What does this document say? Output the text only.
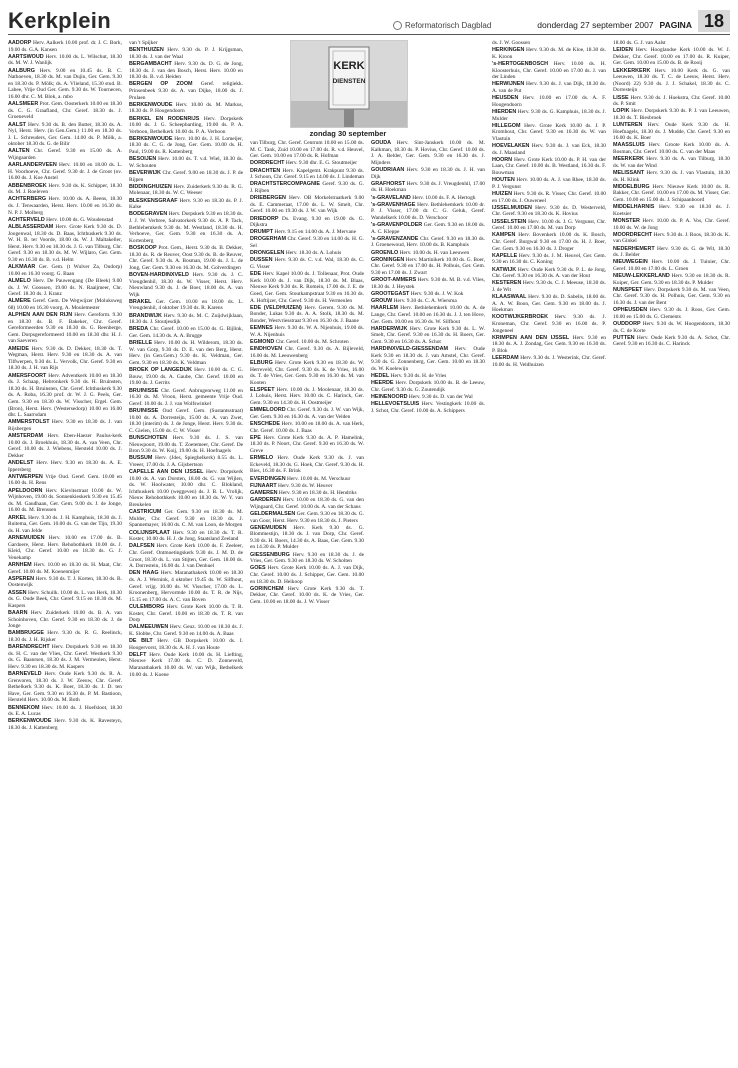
Kerkplein	Reformatorisch Dagblad	donderdag 27 september 2007 PAGINA 18

AADORP Herv. Aalkerk 10.00 prof. dr. J. C. Bork, 19.00 ds. G.A. Kansen

AARTSWOUD Herv. 10.00 ds. L. Wilschut, 18.30 ds. M. W. J. Wanlijk

AALBURG Herv. 9.00 en 10.45 ds. B. C. Nathoeven, 18.30 ds. M. van Dujin, Ger. Gem. 9.30 en 18.30 ds. P. Mölk; ds. A. Vlieland, 15.30 stud. B. Labee, Vrije Oud Ger. Gem. 9.30 ds. W. Tournecen, 16.00 dhr. C. M. Blok, a. mbo

AALSMEER Prot. Gem. Oosterkerk 10.00 en 18.30 ds. C. G. Graafland, Chr. Geref. 18.30 ds. J. Groeneveld

AALST Herv. 9.30 ds. B. den Butter, 18.30 ds. A. Nyl, Herst. Herv. (in Gen.Gem.) 11.00 en 18.30 ds. J. L. Schreuders, Ger. Gem. 14.00 ds. P. Mölk, a. oktober 18.30 ds. G. de Bilir

AALTEN Chr. Geref. 9.30 en 15.00 ds. A. Wijngaarden

AARLANDERVEEN Herv. 10.00 en 18.00 ds. L. H. Voorhoeve, Chr. Geref. 9.30 dr. J. de Groot (ov. 16.00 ds. J. Koe Anstel

ABBENBROEK Herv. 9.30 ds. K. Schipper, 18.30 ds. M. J. Roeleven

ACHTERBERG Herv. 10.00 ds. A. Beens, 18.30 ds. J. Tenwaarden, Herst. Herv. 10.00 en 16.30 ds. N. P. J. Molberg

ACHTERVELD Herv. 10.00 ds. G. Woudenstad

ALBLASSERDAM Herv. Grote Kerk 9.30 ds. D. Joogenwal, 18.30 ds. D. Baas, Ichthuskerk 9.30 ds. W. H. B. ter Voorde, 18.00 ds. W. J. Maltakeller, Herst. Herv. 9.30 en 18.30 ds. J. G. van Tilburg, Chr. Geref. 9.30 en 18.30 ds. M. W. Wijlaro, Ger. Gem. 9.30 en 16.30 ds. B. v.d. Helm

ALKMAAR Ger. Gem. (t Wulver Za, Oudorp) 10.00 en 16.30 voorg. G. Baan

ALMELO Herv. De Pauwengang (De Bleek) 9.00 ds. J. W. Goossen, 19.00 ds. N. Raaijmeer, Chr. Geref. 18.30 ds. J. Kranz

ALMERE Geref. Gem. De Wegwijzer (Moluksweg 68) 10.00 en 16.30 voorg. A. Moulemester

ALPHEN AAN DEN RIJN Herv. Gereform. 9.30 en 18.30 ds. B. F. Bakeker, Chr. Geref. Gereformeerden 9.30 en 18.30 ds. G. Reenberge, Gem. Dorpsgereformeerd 10.00 en 18.30 dhr. H. J. van Saeveren

AMEIDE Herv. 9.30 ds. D. Dekker, 18.30 ds. T. Wegman, Herst. Herv. 9.30 en 18.30 ds. A. van Tilfwerpen, 9.30 ds. L. Vervolk, Chr. Geref. 9.30 en 18.30 ds. J. H. van Rijs

AMERSFOORT Herv. Adventkerk 10.00 en 18.30 ds. J. Schaap, Hebronkerk 9.30 ds. H. Bruinsten, 18.30 ds. H. Bruinsten, Chr. Geref. Ichthuskerk 9.30 ds. A. Roba, 16.30 prof. dr. W. J. G. Peels, Ger. Gem. 9.30 en 18.30 ds. W. Visscher, Ergel. Gem. (Bron), Herst. Herv. (Westersedorp) 10.00 en 16.00 dhr. L. Saarrsdam

AMMERSTOLST Herv. 9.30 en 18.30 ds. J. van Rijsbergen

AMSTERDAM Herv. Eben-Haezer Paulus-kerk 10.00 ds. J. Broekhuis, 18.30 ds. A. van Veen, Chr. Geref. 10.00 ds. J. Wiebens, Hersteld 10.00 ds. J. Dekker

ANDELST Herv. Herv. 9.30 en 18.30 ds. A. E. Ippersberg

ANTWERPEN Vrije Oud. Geref. Gem. 10.00 en 16.00 ds. H. Rens

APELDOORN Herv. Kievitsstraat 10.00 ds. W. Wijnhoven, 19.00 ds. Sonnenkieskerk 9.30 en 15.45 ds. M. Gaudhaan, Ger. Gem. 9.00 ds. J. de Jonge, 16.00 ds. M. Brenssen

ARKEL Herv. 9.30 ds. J. H. Kamphuis, 18.30 ds. J. Ruitema, Ger. Gem. 10.00 ds. G. van der Tijn, 19.30 ds. H. van Jelde

ARNEMUIDEN Herv. 10.00 en 17.00 ds. B. Gardoere, Herst. Herv. Rehobothkerk 10.00 ds. J. Kleid, Chr. Geref. 10.00 en 18.30 ds. G. J. Venekamp

ARNHEM Herv. 10.00 en 18.30 ds. H. Maat, Chr. Geref. 10.00 ds. M. Koenenmijer

ASPEREN Herv. 9.30 ds. T. J. Korten, 18.30 ds. B. Oostenwijk

ASSEN Herv. Schuilk. 10.00 ds. L. van Herk, 18.30 ds. G. Oude Beek, Chr. Geref. 9.15 en 18.30 ds. M. Kaspers

BAARN Herv. Zuiderkerk 10.00 ds. B. A. van Schoinhoven, Chr. Geref. 9.30 en 18.30 ds. J. de Jonge

BAMBRUGGE Herv. 9.30 ds. R. G. Reelinck, 18.30 ds. J. H. Rijsker

BARENDRECHT Herv. Dorpskerk 9.30 en 18.30 ds. H. C. van der Vlies, Chr. Geref. Westkerk 9.30 ds. G. Baanrsen, 18.30 ds. J. M. Vermeulen, Herst. Herv. 9.30 en 18.30 ds. M. Kaspers

BARNEVELD Herv. Oude Kerk 9.30 ds. R. A. Grenvoren, 18.30 ds. J. W. Zeeuw, Chr. Geref. Bethelkerk 9.30 ds. K. Boer, 18.30 ds. J. D. ten Have, Ger. Gem. 9.30 en 16.30 ds. P. M. Bastioon, Hersteld Herv. 10.00 ds. M. Both

BENNEKOM Herv. 10.00 ds. J. Hoefsloot, 18.30 ds. E. A. Lucas

BERKENWOUDE Herv. 9.30 ds. K. Ravesteyn, 18.30 ds. J. Kattenberg

van 't Spijker

BENTHUIZEN Herv. 9.30 ds. P. J. Krijgsman, 18.30 ds. J. van der Waal

BERGAMBACHT Herv. 9.30 ds. D. G. de Jong, 18.30 ds. J. van den Bosch, Herst. Herv. 10.00 en 18.30 ds. B. v.d. Heiden

BERGEN OP ZOOM Geref. religiekk. Prinsenbeek 9.30 ds. A. van Dijke, 18.00 ds. J. Prulaen

BERKENWOUDE Herv. 10.00 ds. M. Markus, 18.30 ds. P. Hoogendoorn

BERKEL EN RODENRIJS Herv. Dorpskerk 10.00 ds. J. G. Scheepbarding, 19.00 ds. P. A. Verboon, Bethelkerk 10.00 ds. P. A. Verboon

BERKENWOUDE Herv. 10.00 ds. J. H. Lomeijer, 18.30 ds. C. G. de Jong, Ger. Gem. 10.00 ds. H. Paul, 19.00 ds. R. Kattenberg

BESOIJEN Herv. 10.00 ds. T. v.d. Wiel, 18.30 ds. W. Schouten

BEVERWIJK Chr. Geref. 9.00 en 18.30 ds. J. P. de Rijpen

BIDDINGHUIZEN Herv. Zuiderkerk 9.30 ds. R. G. Molenaar, 18.30 ds. W. C. Weeser

BLESKENSGRAAF Herv. 9.30 en 18.30 ds. P. J. Kalse

BODEGRAVEN Herv. Dorpskerk 9.30 en 18.30 ds. J. J. W. Verbree, Salvatorkerk 9.30 ds. A. P. Tack, Bethlehemkerk 9.30 ds. M. Westland, 18.30 ds. H. Verhoeve, Ger. Gem. 9.30 en 16.30 ds. A. Kortenberg

BOSKOOP Prot. Gem., Herst. 9.30 ds. B. Dekker, 18.30 ds. R. de Reuver, Oost 9.30 ds. B. de Reuver, Chr. Geref. 9.30 ds. A. Bosman, 19.00 ds. J. L. de Jong, Ger. Gem. 9.30 en 16.30 ds. M. Golverdingen

BOVEN-HARDINXVELD Herv. 9.30 ds. J. C. Vreugdenhil, 18.30 ds. W. Visser, Herst. Herv. Nieuwland 9.30 ds. J. de Boer, 18.00 ds. A. van Wijk

BRAKEL Ger. Gem. 10.00 en 18.00 ds. L. Vreugdenhil, 4 oktober 19.30 ds. R. Karens

BRANDWIJK Herv. 9.30 ds. M. C. Zuijdwijklaan, 18.30 ds. J. Stoutjesdijk

BREDA Chr. Geref. 10.00 en 15.00 ds. G. Bijlink, Ger. Gem. 14.30 ds. A. A. Brugge

BRIELLE Herv. 10.00 ds. H. Wilderom, 18.30 ds. W. van Gorp, 9.30 ds. D. E. van den Berg, Herst. Herv. (in Gen.Gem.) 9.30 ds. K. Veldman, Ger. Gem. 9.30 en 18.30 ds. K. Veldman

BROEK OP LANGEDIJK Herv. 10.00 ds. C. G. Bouw, 19.00 ds. A. Gaube, Chr. Geref. 10.00 en 19.00 ds. J. Gerrits

BRUINISSE Chr. Geref. Anbrugenrweg 11.00 en 16.30 ds. M. Vroon, Herst. gemeente Vrije Oud. Geref. 10.00 ds. J. J. van Wolfswinkel

BRUINISSE Oud Geref. Gem. (Sustantsstraat) 10.00 ds. A. Dorresteijn, 15.00 ds. A. van Zwet, 18.30 (interim) ds. J. de Jonge, Herst. Herv. 9.30 ds. C. Gielen, 15.00 ds. C. W. Visser

BUNSCHOTEN Herv. 9.30 ds. J. S. van Nieuwpoort, 19.00 ds. T. Zoetemeer, Chr. Geref. De Bron 9.30 ds. W. Koij, 19.00 ds. H. Hoefnagels

BUSSUM Herv. (Jdes, Spieghelkerk) 8.55 ds. L. Vreeer, 17.00 ds. J. A. Gijsbertson

CAPELLE AAN DEN IJSSEL Herv. Dorpskerk 10.00 ds. A. van Dorsten, 18.00 ds. G. van Wijlen, ds. W. Hoolwater, 10.00 dhr. C. Blokland, Ichthuskerk 10.00 (weggeven) ds. J. B. L. Vrolijk, Nieuw Rehobothkerk 10.00 en 18.30 ds. W. Y. van Breukelen

CASTRICUM Ger. Gem. 9.30 en 18.30 ds. M. Mulder, Chr. Geref. 9.30 en 18.30 ds. J. Spannemayer, 16.00 ds. C. M. van Loon, de Morgen

COLIJNSPLAAT Herv. 9.30 en 18.30 ds. T. R. Koster, 10.00 ds. H. J. de Jong, Staatsland Zeeland

DALFSEN Herv. Grote Kerk 10.00 ds. F. Zeeleer, Chr. Geref. Ontmoetingskerk 9.30 ds. J. M. D. de Groot, 18.30 ds. L. van Stijten, Ger. Gem. 18.00 ds. A. Dorrestein, 16.00 ds. J. van Denhuel

DEN HAAG Herv. Maranathakerk 10.00 en 18.30 ds. A. J. Wernink, 4 oktober 19.45 ds. W. Silfhout, Geref. vrijg. 10.00 ds. W. Visscher, 17.00 ds. L. Kroonenberg, Hervormde 10.00 ds. T. R. de Nijs, 15.15 en 17.00 ds. A. C. van Boven

CULEMBORG Herv. Grote Kerk 10.00 ds. T. R. Koster, Chr. Geref. 10.00 en 18.30 ds. T. R. van Dorp

DALMEEUWEN Herv. Geuz. 10.00 en 18.30 ds. J. K. Slobbe, Chr. Geref. 9.30 en 14.00 ds. A. Baas

DE BILT Herv. GB Dorpskerk 10.00 ds. I. Hoogervorst, 18.30 ds. A. H. J. van Houte

DELFT Herv. Oude Kerk 10.00 ds. H. Liefting, Nieuwe Kerk 17.00 ds. C. D. Zonneveld, Maranathakerk 10.00 ds. W. van Wijk, Bethelkerk 10.00 ds. J. Koene

van Tilburg, Chr. Geref. Centrum 10.00 en 15.00 ds. M. C. Tank, Zuid 10.00 en 17.00 ds. R. v.d. Heuvel, Ger. Gem. 10.00 en 17.00 ds. R. Hofman

DORDRECHT Herv. 9.30 dhr. E. G. Stoutmeijer

DRACHTEN Herv. Kapelgemt. Krakpunt 9.30 ds. J. Schoon, Chr. Geref. 9.15 en 14.00 ds. J. Lindeman

DRACHTSTERCOMPAGNIE Geref. 9.30 ds. G. J. Rijben

DRIEBERGEN Herv. OB Morkelstraatkerk 9.00 ds. E. Cammeraat, 17.00 ds. L. W. Smelt, Chr. Geref. 10.00 en 19.30 ds. J. W. van Wijk

DRIEDORP Ds. Evang. 9.30 en 19.00 ds. G. Dijkstra

DRUMPT Herv. 9.15 en 14.00 ds. A. J. Mervane

DROGERHAM Chr. Geref. 9.30 en 14.00 ds. H. G. Sel

DRONGELEN Herv. 18.30 ds. A. Lohuis

DUSSEN Herv. 9.30 ds. C. v.d. Wal, 18.30 ds. C. G. Visser

EDE Herv. Kapel 10.00 ds. J. Tollenaar, Prot. Oude Kerk 10.00 ds. J. van Dijk, 18.30 ds. M. Blaas, Nieuwe Kerk 9.30 ds. R. Romein, 17.00 ds. J. E. de Goed, Ger. Gem. Stoutkampstraat 9.30 en 16.30 ds. A. Hoftijzer, Chr. Geref. 9.30 ds. H. Vermeulen

EDE (VELDHUIZEN) Herv. Gerem. 9.30 ds. M. Bonder, Lukas 9.30 ds. A. A. Stolk, 18.30 ds. M. Bonder, Westvriesstraat 9.30 en 16.30 ds. J. Baane

EEMNES Herv. 9.30 ds. W. A. Nijenhuis, 19.00 ds. W. A. Nijenhuis

EGMOND Chr. Geref. 10.00 ds. M. Schroten

EINDHOVEN Chr. Geref. 9.30 ds. A. Bijleveld, 16.00 ds. M. Leeuwenberg

ELBURG Herv. Grote Kerk 9.30 en 18.30 ds. W. Herreveld, Chr. Geref. 9.30 ds. K. de Vries, 16.00 ds. T. de Vries, Ger. Gem. 9.30 en 16.30 ds. M. van Kooten

ELSPEET Herv. 10.00 ds. J. Moolenaar, 18.30 ds. J. Lohuis, Herst. Herv. 10.00 ds. C. Harinck, Ger. Gem. 9.30 en 14.30 ds. H. Oostmeijer

EMMELOORD Chr. Geref. 9.30 ds. J. W. van Wijk, Ger. Gem. 9.30 en 16.30 ds. A. van der Velden

ENSCHEDE Herv. 10.00 en 18.00 ds. A. van Herk, Chr. Geref. 10.00 ds. J. Baas

EPE Herv. Grote Kerk 9.30 ds. A. P. Hamelink, 18.30 ds. P. Noort, Chr. Geref. 9.30 en 16.30 ds. W. Greve

ERMELO Herv. Oude Kerk 9.30 ds. J. van Eckeveld, 18.30 ds. G. Hoek, Chr. Geref. 9.30 ds. H. Bies, 16.30 ds. F. Brink

EVERDINGEN Herv. 10.00 ds. M. Verschuur

FIJNAART Herv. 9.30 ds. W. Heuver

GAMEREN Herv. 9.30 en 18.30 ds. H. Hendriks

GARDEREN Herv. 10.00 en 18.30 ds. G. van den Wijngaard, Chr. Geref. 10.00 ds. A. van der Schans

GELDERMALSEN Ger. Gem. 9.30 en 18.30 ds. G. van Goor, Herst. Herv. 9.30 en 18.30 ds. J. Pieters

GENEMUIDEN Herv. Kerk 9.30 ds. G. Blommestijn, 18.30 ds. J. van Dorp, Chr. Geref. 9.30 ds. H. Boers, 14.30 ds. A. Baas, Ger. Gem. 9.30 en 14.30 ds. P. Mulder

GIESSENBURG Herv. 9.30 en 18.30 ds. J. de Vries, Ger. Gem. 9.30 en 18.30 ds. W. Scholten

GOES Herv. Grote Kerk 10.00 ds. A. J. van Dijk, Chr. Geref. 10.00 ds. J. Schipper, Ger. Gem. 10.00 en 18.30 ds. D. Heikoop

GORINCHEM Herv. Grote Kerk 9.30 ds. T. Dekker, Chr. Geref. 10.00 ds. K. de Vries, Ger. Gem. 10.00 en 18.00 ds. J. W. Visser

GOUDA Herv. Sint-Janskerk 10.00 ds. M. Kalkman, 18.30 ds. P. Hovius, Chr. Geref. 10.00 ds. J. A. Belder, Ger. Gem. 9.30 en 16.30 ds. J. Mijnders

GOUDRIAAN Herv. 9.30 en 18.30 ds. J. H. van Dijk

GRAFHORST Herv. 9.30 ds. J. Vreugdenhil, 17.00 ds. H. Hoekman

's-GRAVELAND Herv. 10.00 ds. F. A. Hertogh

's-GRAVENHAGE Herv. Bethlehemkerk 10.00 dr. P. J. Visser, 17.00 dr. C. G. Geluk, Geref. Wandelkerk 10.00 ds. D. Verschoor

's-GRAVENPOLDER Ger. Gem. 9.30 en 18.00 ds. A. C. Kleppe

's-GRAVENZANDE Chr. Geref. 9.30 en 18.30 ds. J. Groenewoud, Herv. 10.00 ds. B. Kamphuis

GROENLO Herv. 10.00 ds. H. van Leeuwen

GRONINGEN Herv. Martinikerk 10.00 ds. G. Boer, Chr. Geref. 9.30 en 17.00 ds. H. Polhuis, Ger. Gem. 9.30 en 17.00 ds. J. Zwart

GROOT-AMMERS Herv. 9.30 ds. M. B. v.d. Vlies, 18.30 ds. J. Heystek

GROOTEGAST Herv. 9.30 ds. J. W. Kok

GROUW Herv. 9.30 ds. C. A. Wiersma

HAARLEM Herv. Bethlehemkerk 10.00 ds. A. de Lange, Chr. Geref. 10.00 en 16.30 ds. J. J. ten Hove, Ger. Gem. 10.00 en 16.30 ds. W. Silfhout

HARDERWIJK Herv. Grote Kerk 9.30 ds. L. W. Smelt, Chr. Geref. 9.30 en 16.30 ds. H. Boers, Ger. Gem. 9.30 en 16.30 ds. A. Schot

HARDINXVELD-GIESSENDAM Herv. Oude Kerk 9.30 en 18.30 ds. J. van Amstel, Chr. Geref. 9.30 ds. G. Zonnenberg, Ger. Gem. 10.00 en 18.30 ds. W. Koelewijn

HEDEL Herv. 9.30 ds. H. de Vries

HEERDE Herv. Dorpskerk 10.00 ds. B. de Leeuw, Chr. Geref. 9.30 ds. G. Zoutendijk

HEINENOORD Herv. 9.30 ds. D. van der Wal

HELLEVOETSLUIS Herv. Vestingkerk 10.00 ds. J. Schot, Chr. Geref. 10.00 ds. A. Schippers

ds. J. W. Goossen

HERKINGEN Herv. 9.30 ds. M. de Kloe, 18.30 ds. K. Kroon

's-HERTOGENBOSCH Herv. 10.00 ds. H. Kloosterhuis, Chr. Geref. 10.00 en 17.00 ds. J. van der Linden

HERWIJNEN Herv. 9.30 ds. J. van Dijk, 18.30 ds. A. van de Put

HEUSDEN Herv. 10.00 en 17.00 ds. A. F. Hoogendoorn

HIERDEN Herv. 9.30 ds. G. Kamphuis, 18.30 ds. J. Mulder

HILLEGOM Herv. Grote Kerk 10.00 ds. J. P. Kromhout, Chr. Geref. 9.30 en 16.30 ds. W. van Vlastuin

HOEVELAKEN Herv. 9.30 ds. J. van Eck, 18.30 ds. J. Maasland

HOORN Herv. Grote Kerk 10.00 ds. P. H. van der Laan, Chr. Geref. 10.00 ds. B. Westland, 16.30 ds. F. Bouwman

HOUTEN Herv. 10.00 ds. A. J. van Rhee, 18.30 ds. P. J. Vergunst

HUIZEN Herv. 9.30 ds. R. Visser, Chr. Geref. 10.00 en 17.00 ds. J. Ouweneel

IJSSELMUIDEN Herv. 9.30 ds. D. Westerveld, Chr. Geref. 9.30 en 18.30 ds. K. Hovius

IJSSELSTEIN Herv. 10.00 ds. J. G. Vergunst, Chr. Geref. 10.00 en 17.00 ds. M. van Dorp

KAMPEN Herv. Bovenkerk 10.00 ds. K. Bosch, Chr. Geref. Burgwal 9.30 en 17.00 ds. H. J. Boer, Ger. Gem. 9.30 en 16.30 ds. J. Droger

KAPELLE Herv. 9.30 ds. J. M. Heuvel, Ger. Gem. 9.30 en 16.30 ds. C. Koning

KATWIJK Herv. Oude Kerk 9.30 ds. P. L. de Jong, Chr. Geref. 9.30 en 16.30 ds. A. van der Hout

KESTEREN Herv. 9.30 ds. C. J. Meeuse, 18.30 ds. J. de Wit

KLAASWAAL Herv. 9.30 ds. D. Sabelis, 18.00 ds. A. A. W. Boon, Ger. Gem. 9.30 en 18.00 ds. J. Hoekman

KOOTWIJKERBROEK Herv. 9.30 ds. J. Kroneman, Chr. Geref. 9.30 en 16.00 ds. P. Jongeneel

KRIMPEN AAN DEN IJSSEL Herv. 9.30 en 18.30 ds. A. J. Zondag, Ger. Gem. 9.30 en 16.30 ds. P. Blok

LEERDAM Herv. 9.30 ds. J. Westerink, Chr. Geref. 10.00 ds. H. Veldhuizen

18.00 ds. G. J. van Aalst

LEIDEN Herv. Hooglandse Kerk 10.00 ds. W. J. Dekker, Chr. Geref. 10.00 en 17.00 ds. R. Kuiper, Ger. Gem. 10.00 en 15.00 ds. B. de Rooij

LEKKERKERK Herv. 10.00 Kerk ds. G. van Leeuwen, 18.30 ds. T. C. de Leeuw, Herst. Herv. (Noord) 22) 9.30 ds. J. J. Schakel, 18.30 ds. C. Dorresteijn

LISSE Herv. 9.30 ds. J. Hoekstra, Chr. Geref. 10.00 ds. P. Smit

LOPIK Herv. Dorpskerk 9.30 ds. P. J. van Leeuwen, 18.30 ds. T. Biesbroek

LUNTEREN Herv. Oude Kerk 9.30 ds. H. Hoefnagels, 18.30 ds. J. Mudde, Chr. Geref. 9.30 en 16.00 ds. K. Boer

MAASSLUIS Herv. Groote Kerk 10.00 ds. A. Bosman, Chr. Geref. 10.00 ds. C. van der Maas

MEERKERK Herv. 9.30 ds. A. van Tilburg, 18.30 ds. W. van der Wind

MELISSANT Herv. 9.30 ds. J. van Vlastuin, 18.30 ds. H. Klink

MIDDELBURG Herv. Nieuwe Kerk 10.00 ds. R. Bakker, Chr. Geref. 10.00 en 17.00 ds. M. Visser, Ger. Gem. 10.00 en 15.00 ds. J. Schipaanboord

MIDDELHARNIS Herv. 9.30 en 18.30 ds. J. Koetsier

MONSTER Herv. 10.00 ds. P. A. Vos, Chr. Geref. 10.00 ds. W. de Jong

MOORDRECHT Herv. 9.30 ds. J. Roos, 18.30 ds. K. van Ginkel

NEDERHEMERT Herv. 9.30 ds. G. de Wit, 18.30 ds. J. Belder

NIEUWEGEIN Herv. 10.00 ds. J. Tuinier, Chr. Geref. 10.00 en 17.00 ds. L. Groen

NIEUW-LEKKERLAND Herv. 9.30 en 18.30 ds. R. Kuiper, Ger. Gem. 9.30 en 18.30 ds. P. Mulder

NUNSPEET Herv. Dorpskerk 9.30 ds. M. van Veen, Chr. Geref. 9.30 ds. H. Polhuis, Ger. Gem. 9.30 en 16.30 ds. J. van der Bent

OPHEUSDEN Herv. 9.30 ds. J. Roos, Ger. Gem. 10.00 en 15.00 ds. G. Clements

OUDDORP Herv. 9.30 ds. W. Hoogendoorn, 18.30 ds. C. de Korte

PUTTEN Herv. Oude Kerk 9.30 ds. A. Schot, Chr. Geref. 9.30 en 16.30 ds. C. Harinck

KERK
DIENSTEN
zondag 30 september
